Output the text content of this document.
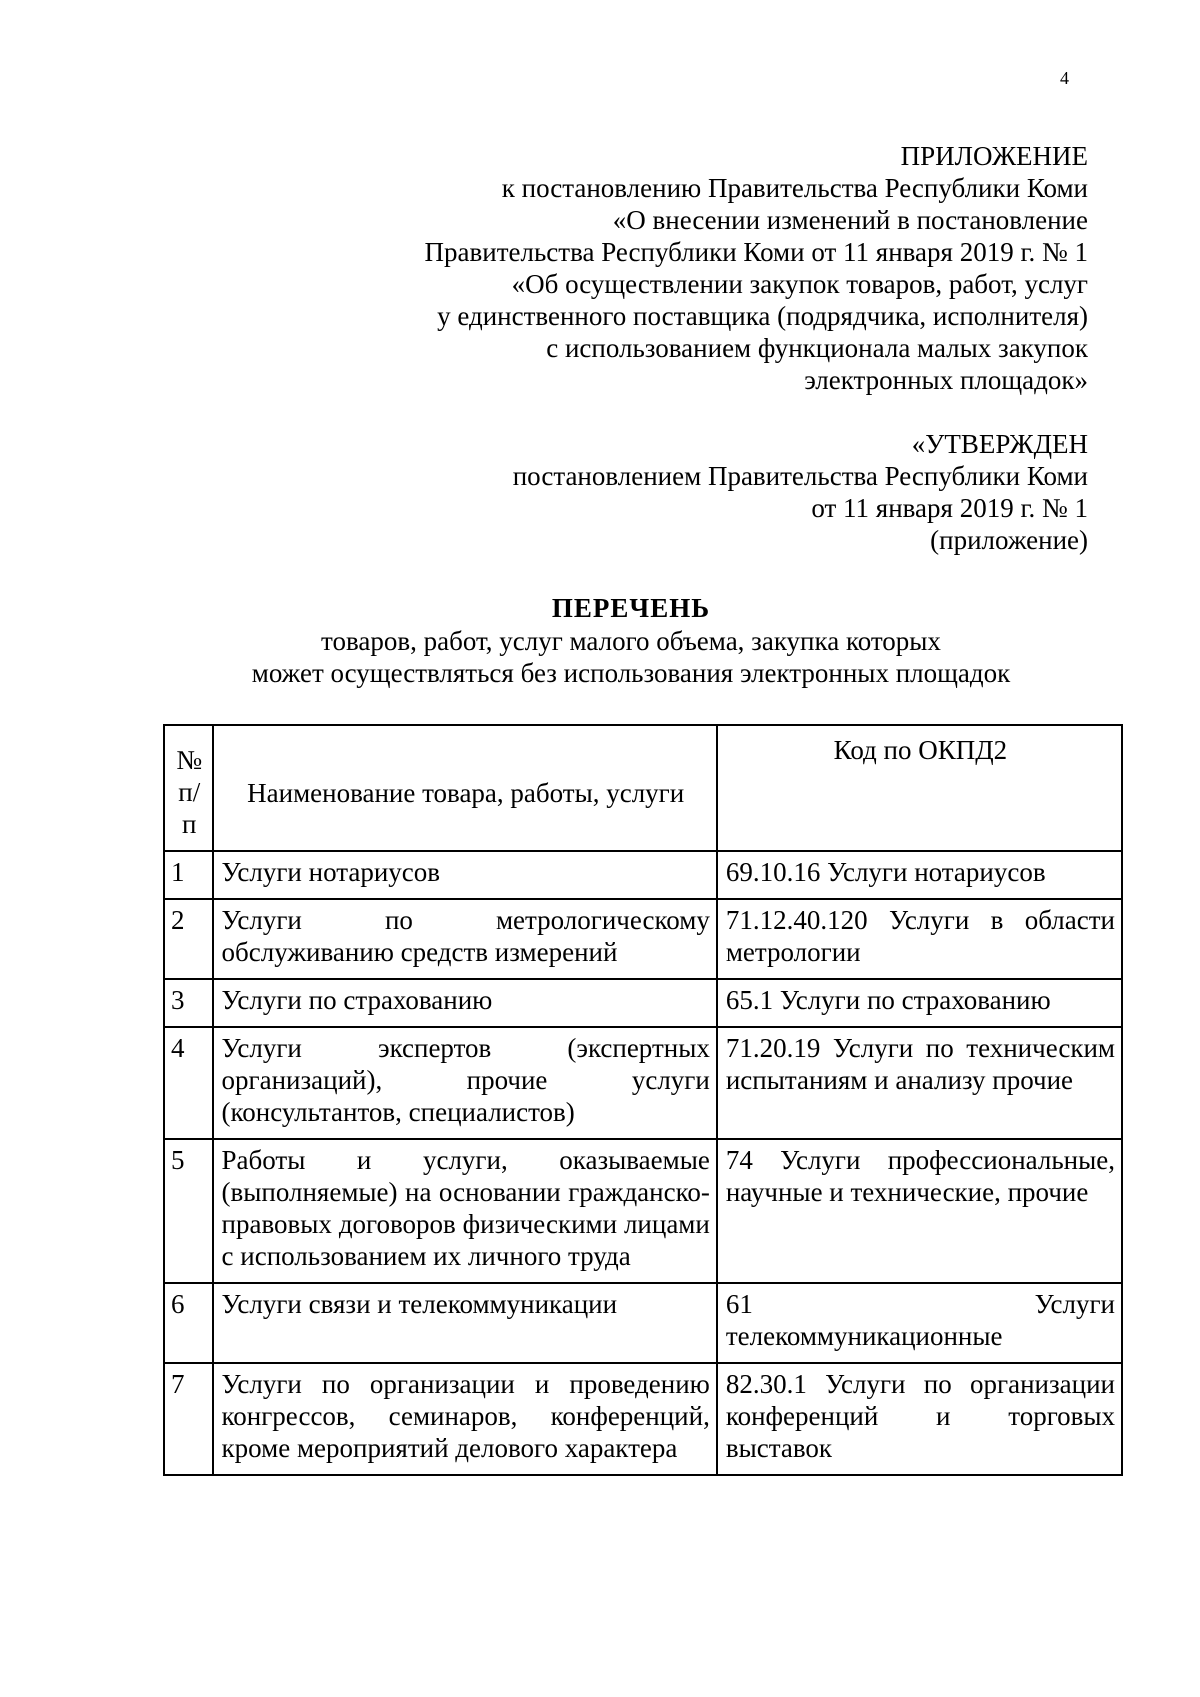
4
ПРИЛОЖЕНИЕ
к постановлению Правительства Республики Коми
«О внесении изменений в постановление
Правительства Республики Коми от 11 января 2019 г. № 1
«Об осуществлении закупок товаров, работ, услуг
у единственного поставщика (подрядчика, исполнителя)
с использованием функционала малых закупок
электронных площадок»
«УТВЕРЖДЕН
постановлением Правительства Республики Коми
от 11 января 2019 г. № 1
(приложение)
ПЕРЕЧЕНЬ
товаров, работ, услуг малого объема, закупка которых
может осуществляться без использования электронных площадок
№ п/п	Наименование товара, работы, услуги	Код по ОКПД2
1	Услуги нотариусов	69.10.16 Услуги нотариусов
2	Услуги по метрологическому обслуживанию средств измерений	71.12.40.120 Услуги в области метрологии
3	Услуги по страхованию	65.1 Услуги по страхованию
4	Услуги экспертов (экспертных организаций), прочие услуги (консультантов, специалистов)	71.20.19 Услуги по техническим испытаниям и анализу прочие
5	Работы и услуги, оказываемые (выполняемые) на основании гражданско-правовых договоров физическими лицами с использованием их личного труда	74 Услуги профессиональные, научные и технические, прочие
6	Услуги связи и телекоммуникации	61 Услуги телекоммуникационные
7	Услуги по организации и проведению конгрессов, семинаров, конференций, кроме мероприятий делового характера	82.30.1 Услуги по организации конференций и торговых выставок
